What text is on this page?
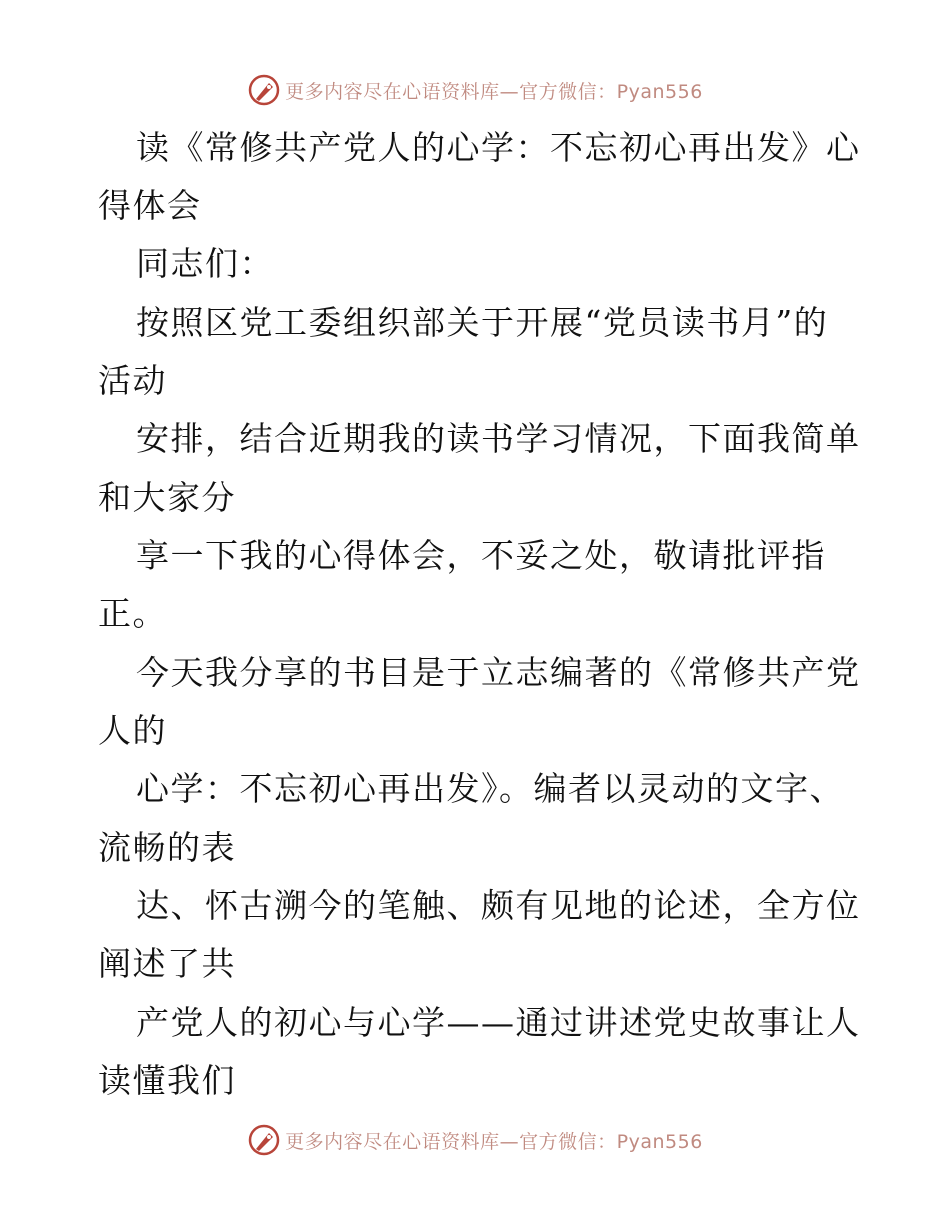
更多内容尽在心语资料库—官方微信：Pyan556
读《常修共产党人的心学：不忘初心再出发》心
得体会
同志们：
按照区党工委组织部关于开展“党员读书月”的
活动
安排，结合近期我的读书学习情况，下面我简单
和大家分
享一下我的心得体会，不妥之处，敬请批评指
正。
今天我分享的书目是于立志编著的《常修共产党
人的
心学：不忘初心再出发》。编者以灵动的文字、
流畅的表
达、怀古溯今的笔触、颇有见地的论述，全方位
阐述了共
产党人的初心与心学——通过讲述党史故事让人
读懂我们
更多内容尽在心语资料库—官方微信：Pyan556
